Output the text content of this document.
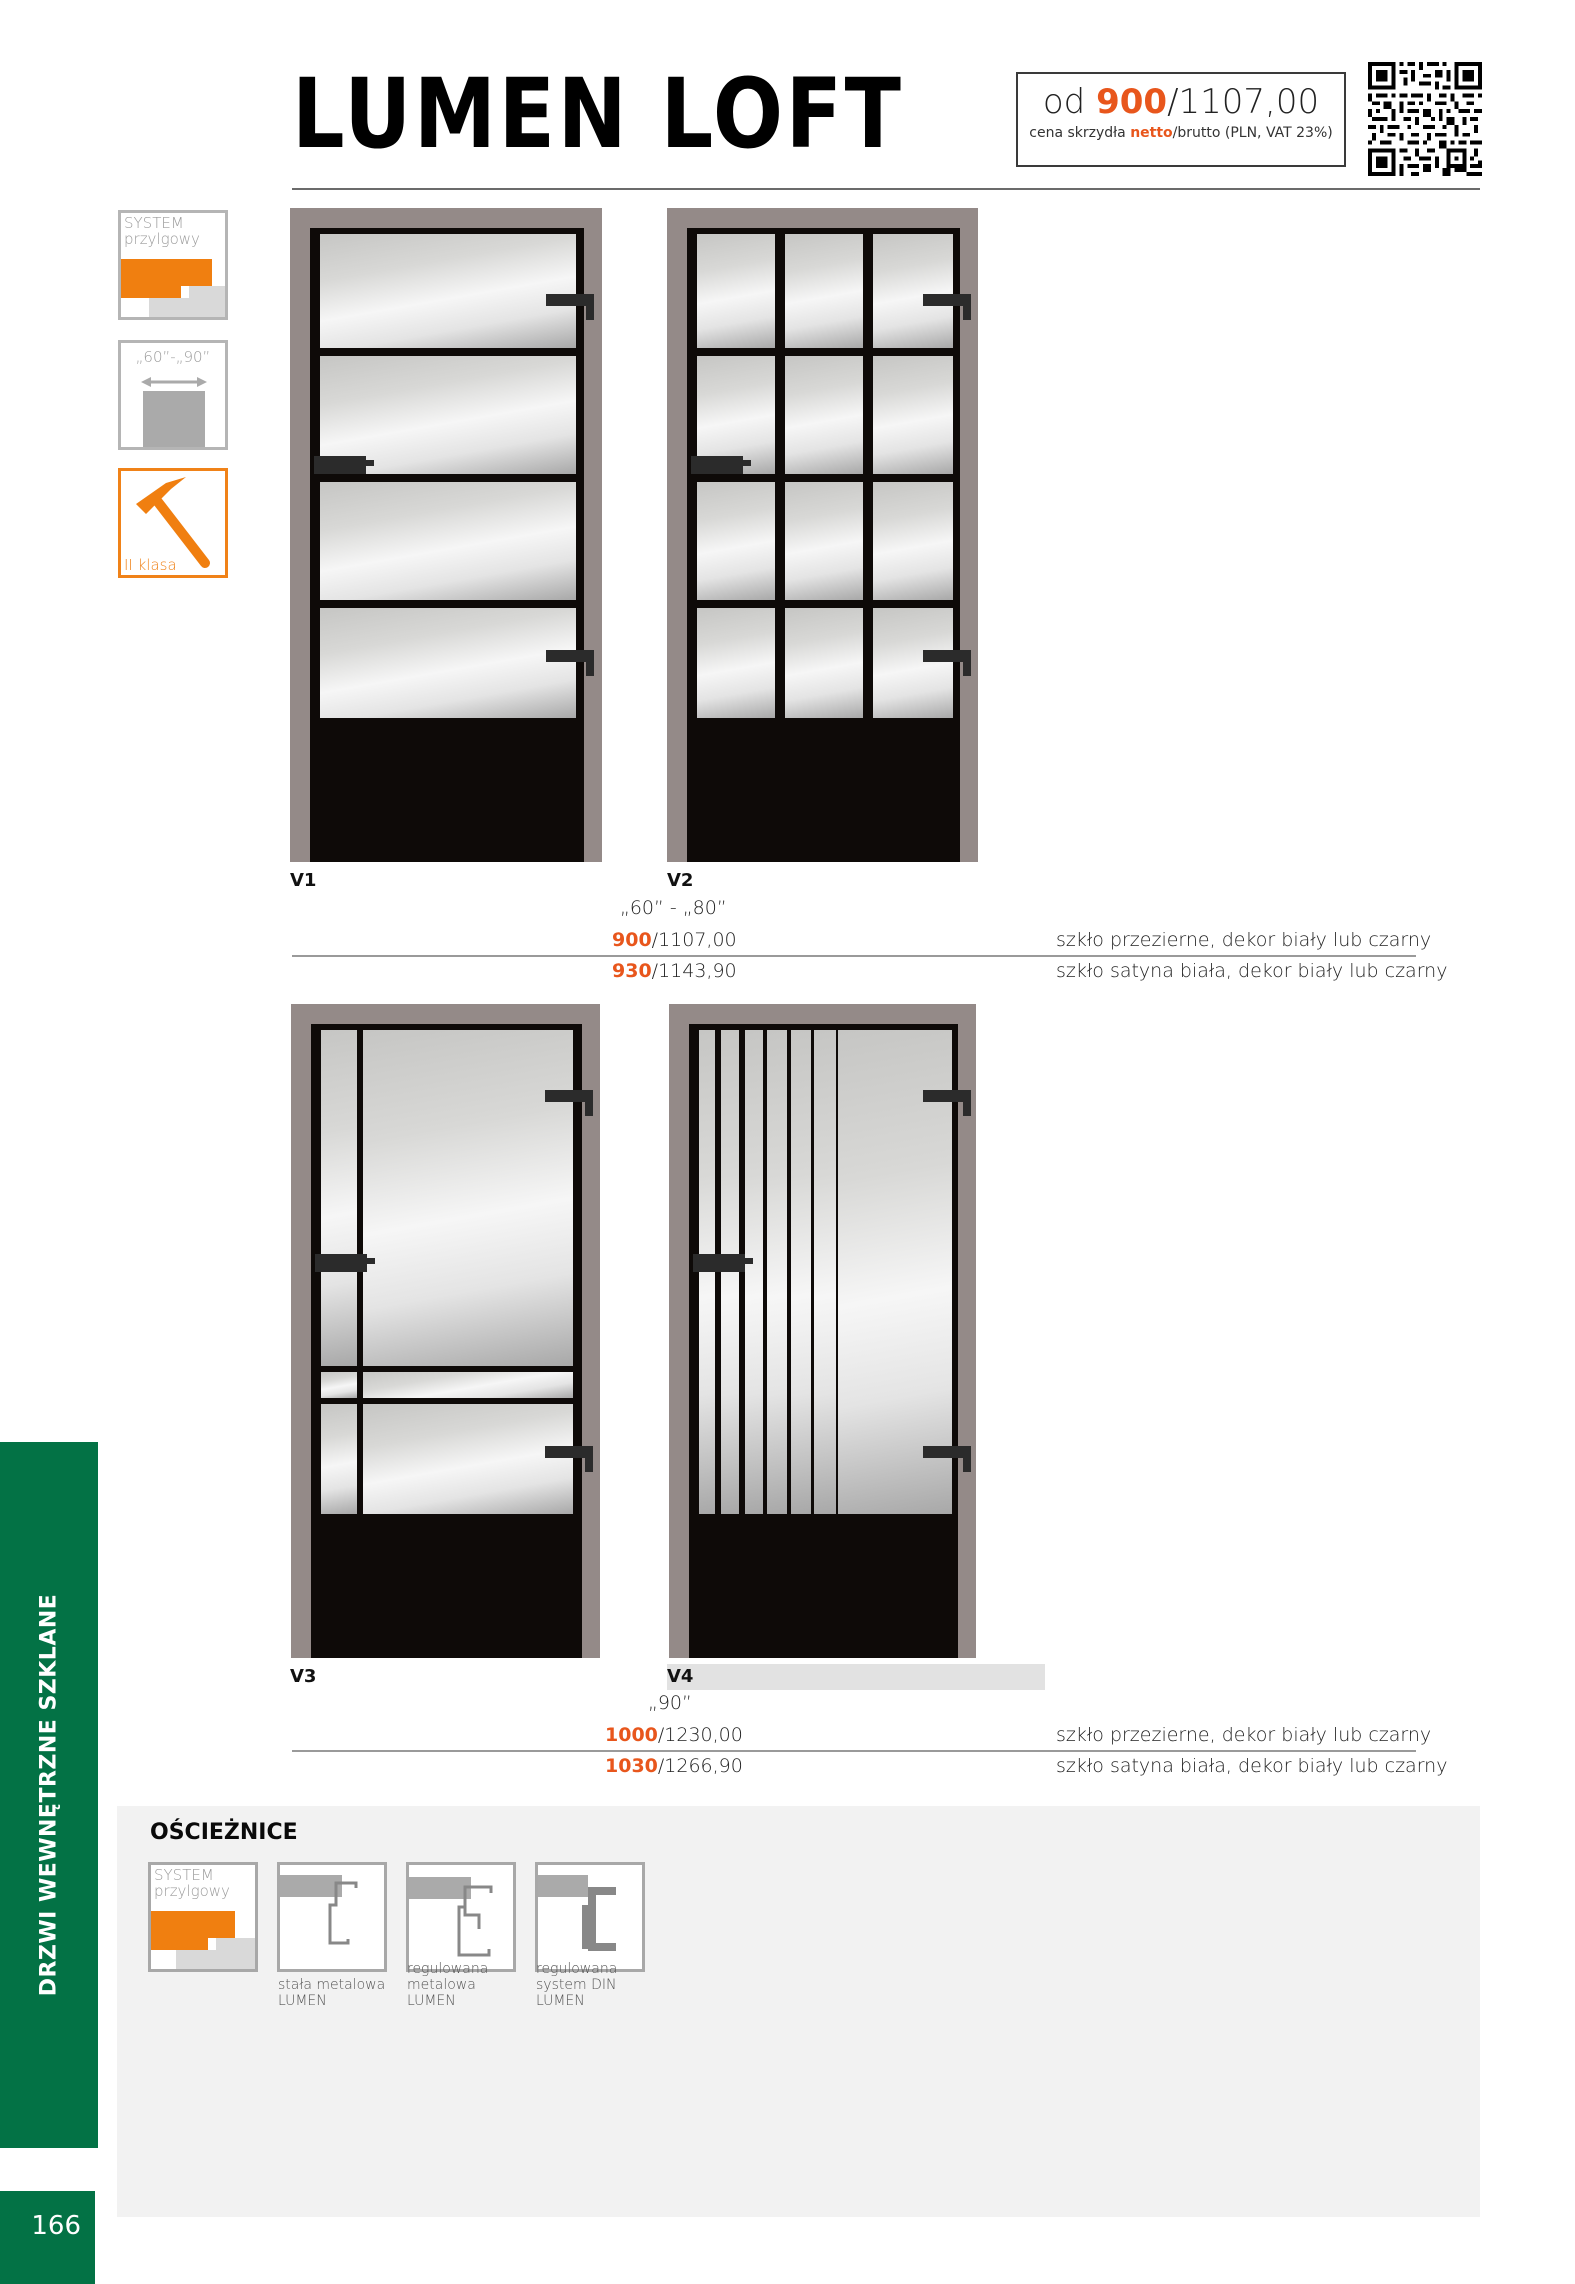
LUMEN LOFT	od 900/1107,00
cena skrzydła netto/brutto (PLN, VAT 23%)
SYSTEM
przylgowy
„60”-„90”
II klasa
V1	V2
„60” - „80”
900/1107,00	szkło przezierne, dekor biały lub czarny
930/1143,90	szkło satyna biała, dekor biały lub czarny
V3	V4
„90”
1000/1230,00	szkło przezierne, dekor biały lub czarny
1030/1266,90	szkło satyna biała, dekor biały lub czarny
OŚCIEŻNICE
SYSTEM
przylgowy
stała metalowa
LUMEN
regulowana
metalowa
LUMEN
regulowana
system DIN
LUMEN
DRZWI WEWNĘTRZNE SZKLANE
166
